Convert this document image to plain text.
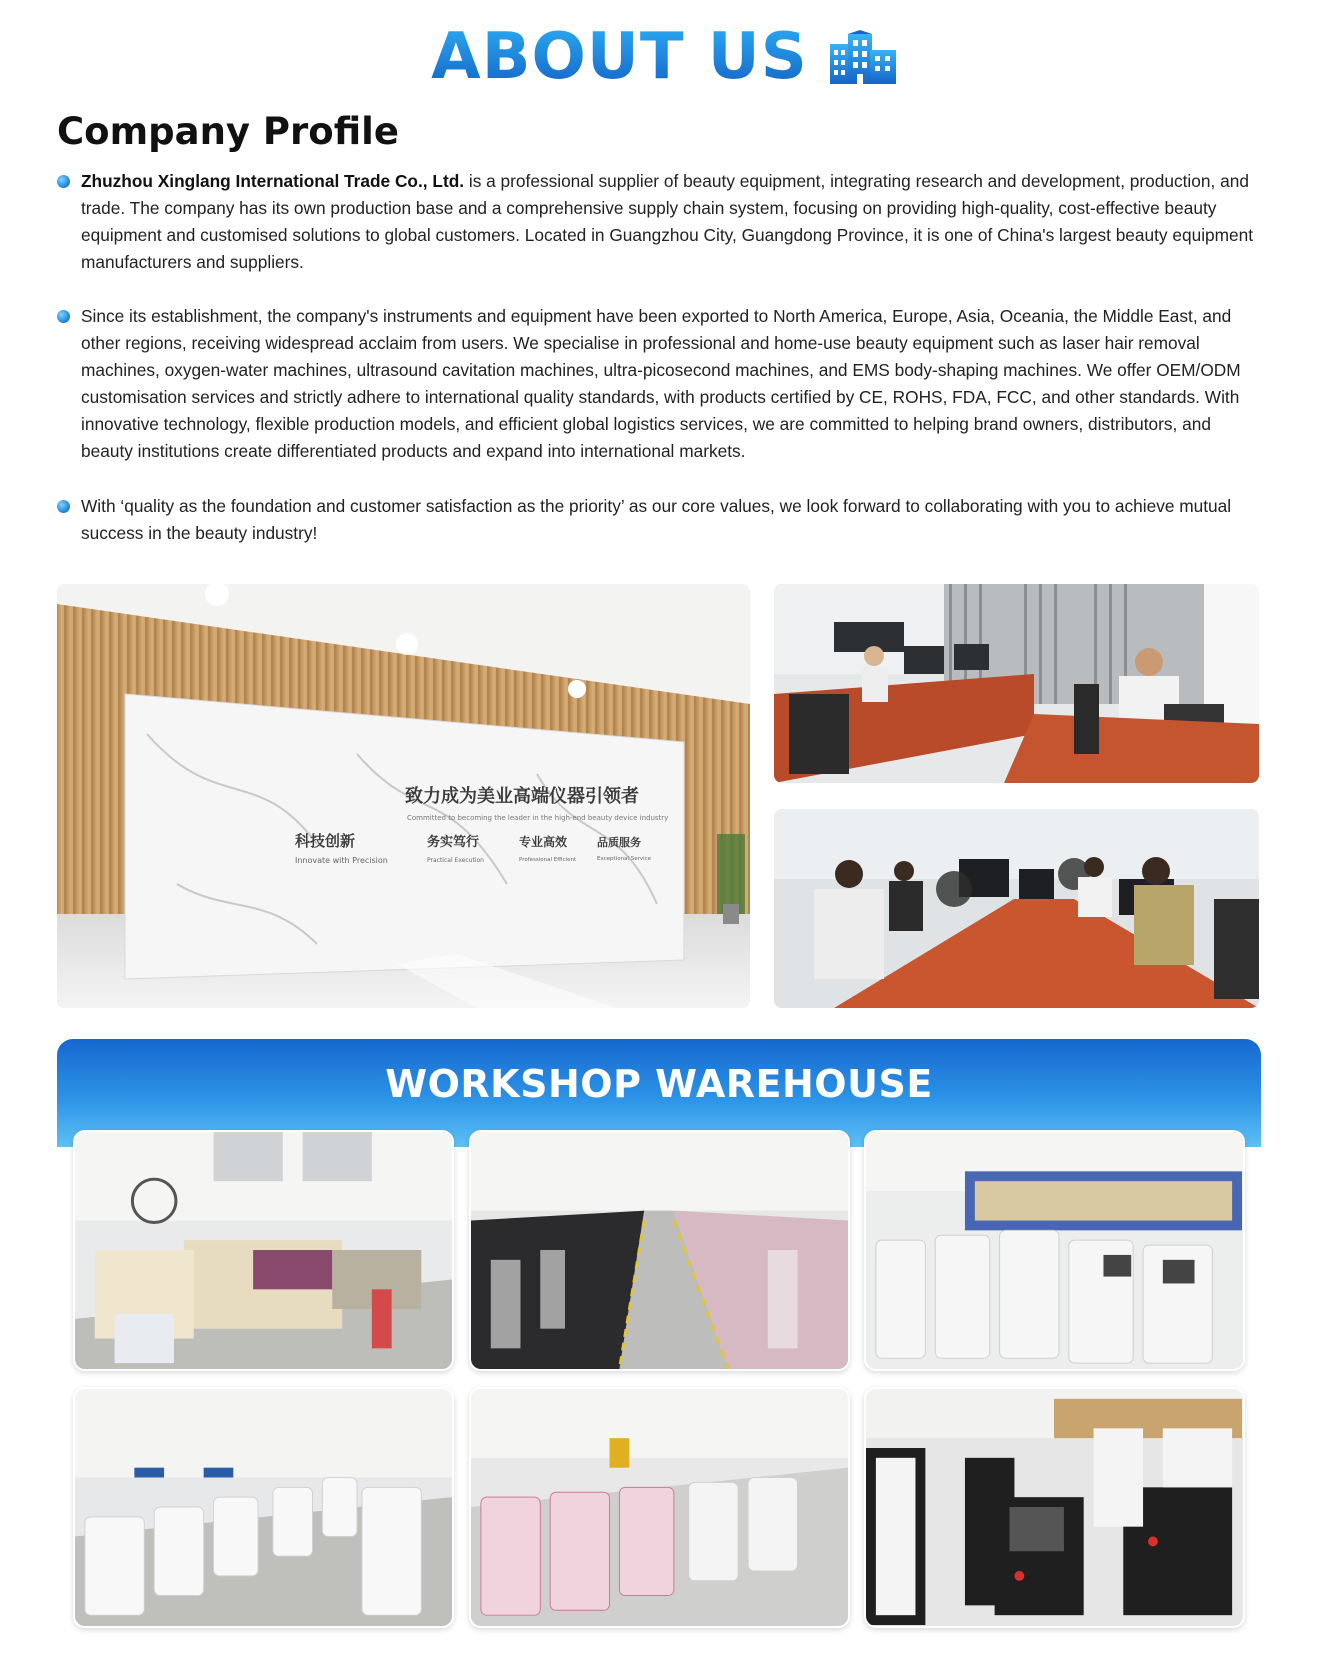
ABOUT US
Company Profile
Zhuzhou Xinglang International Trade Co., Ltd. is a professional supplier of beauty equipment, integrating research and development, production, and trade. The company has its own production base and a comprehensive supply chain system, focusing on providing high-quality, cost-effective beauty equipment and customised solutions to global customers. Located in Guangzhou City, Guangdong Province, it is one of China's largest beauty equipment manufacturers and suppliers.
Since its establishment, the company's instruments and equipment have been exported to North America, Europe, Asia, Oceania, the Middle East, and other regions, receiving widespread acclaim from users. We specialise in professional and home-use beauty equipment such as laser hair removal machines, oxygen-water machines, ultrasound cavitation machines, ultra-picosecond machines, and EMS body-shaping machines. We offer OEM/ODM customisation services and strictly adhere to international quality standards, with products certified by CE, ROHS, FDA, FCC, and other standards. With innovative technology, flexible production models, and efficient global logistics services, we are committed to helping brand owners, distributors, and beauty institutions create differentiated products and expand into international markets.
With ‘quality as the foundation and customer satisfaction as the priority’ as our core values, we look forward to collaborating with you to achieve mutual success in the beauty industry!
致力成为美业高端仪器引领者
Committed to becoming the leader in the high-end beauty device industry
科技创新
Innovate with Precision
务实笃行
Practical Execution
专业高效
Professional Efficient
品质服务
Exceptional Service
WORKSHOP WAREHOUSE
